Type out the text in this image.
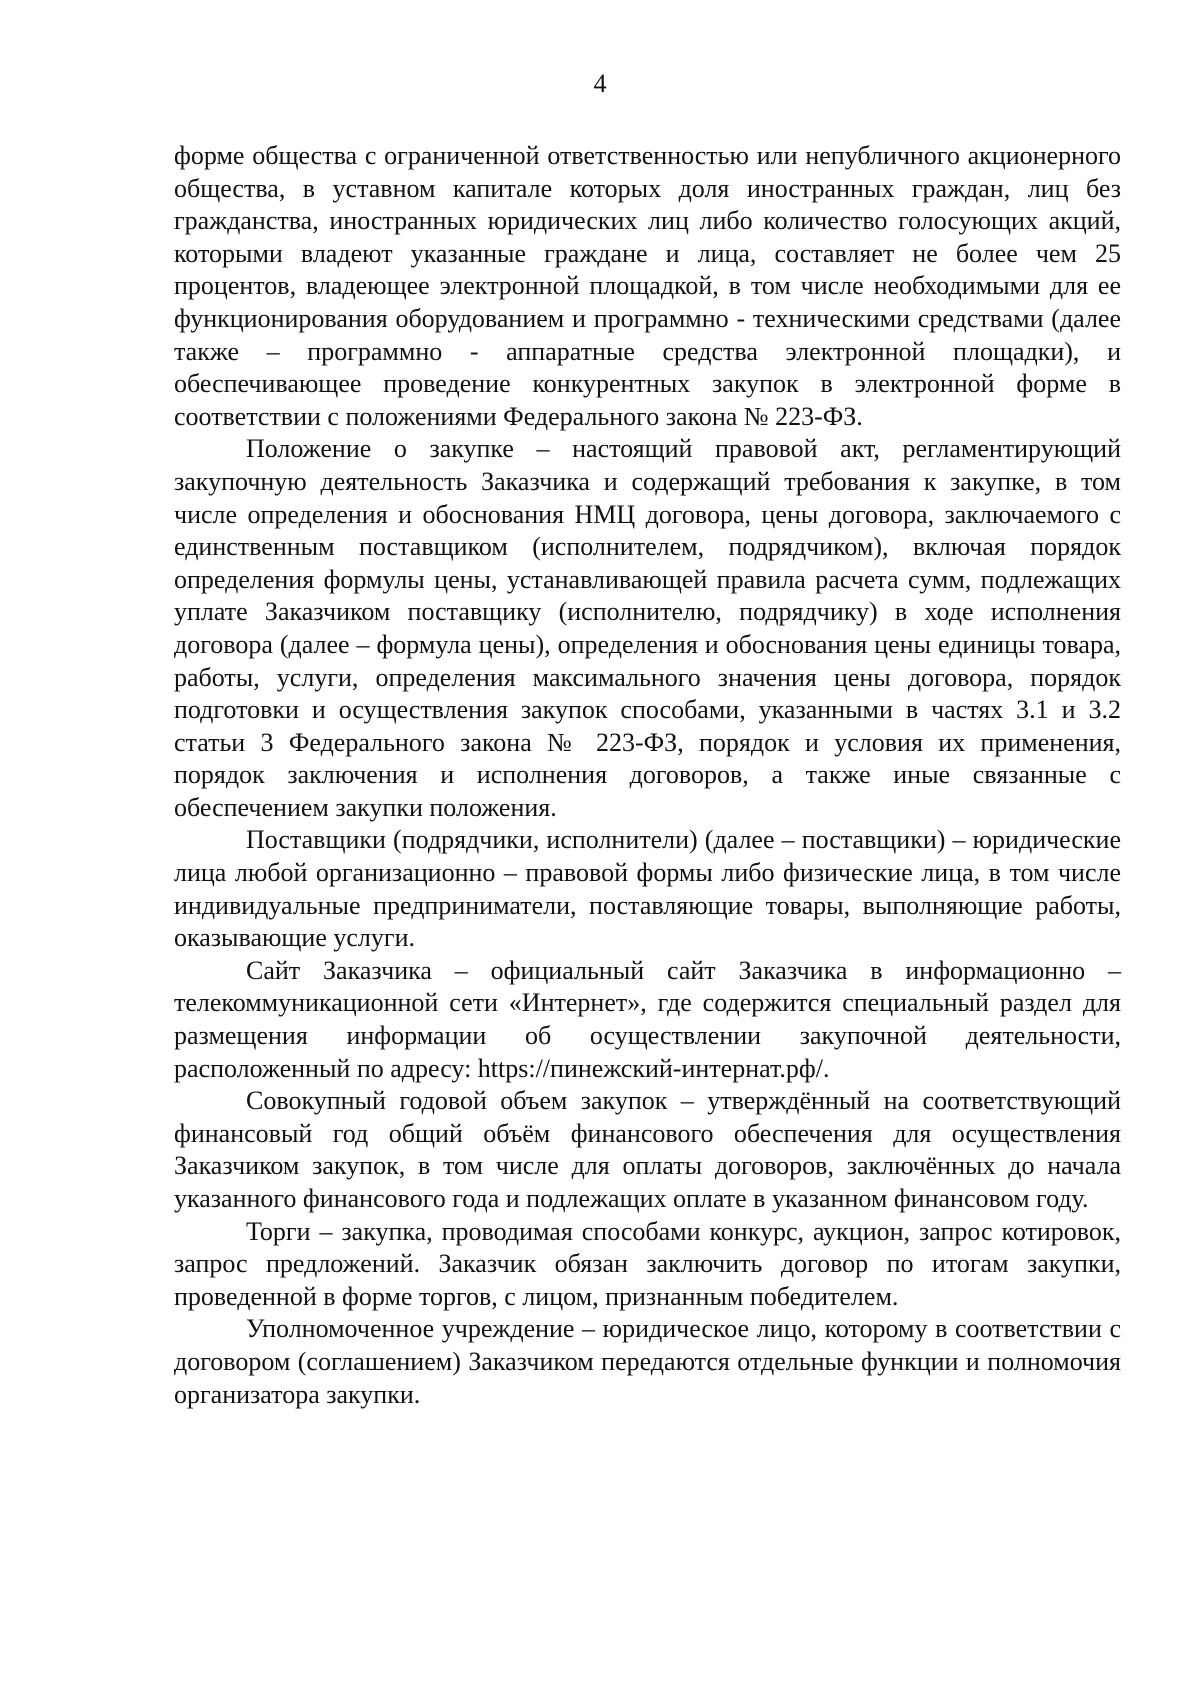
4

форме общества с ограниченной ответственностью или непубличного акционерного общества, в уставном капитале которых доля иностранных граждан, лиц без гражданства, иностранных юридических лиц либо количество голосующих акций, которыми владеют указанные граждане и лица, составляет не более чем 25 процентов, владеющее электронной площадкой, в том числе необходимыми для ее функционирования оборудованием и программно - техническими средствами (далее также – программно - аппаратные средства электронной площадки), и обеспечивающее проведение конкурентных закупок в электронной форме в соответствии с положениями Федерального закона № 223-ФЗ.

Положение о закупке – настоящий правовой акт, регламентирующий закупочную деятельность Заказчика и содержащий требования к закупке, в том числе определения и обоснования НМЦ договора, цены договора, заключаемого с единственным поставщиком (исполнителем, подрядчиком), включая порядок определения формулы цены, устанавливающей правила расчета сумм, подлежащих уплате Заказчиком поставщику (исполнителю, подрядчику) в ходе исполнения договора (далее – формула цены), определения и обоснования цены единицы товара, работы, услуги, определения максимального значения цены договора, порядок подготовки и осуществления закупок способами, указанными в частях 3.1 и 3.2 статьи 3 Федерального закона № 223-ФЗ, порядок и условия их применения, порядок заключения и исполнения договоров, а также иные связанные с обеспечением закупки положения.

Поставщики (подрядчики, исполнители) (далее – поставщики) – юридические лица любой организационно – правовой формы либо физические лица, в том числе индивидуальные предприниматели, поставляющие товары, выполняющие работы, оказывающие услуги.

Сайт Заказчика – официальный сайт Заказчика в информационно – телекоммуникационной сети «Интернет», где содержится специальный раздел для размещения информации об осуществлении закупочной деятельности, расположенный по адресу: https://пинежский-интернат.рф/.

Совокупный годовой объем закупок – утверждённый на соответствующий финансовый год общий объём финансового обеспечения для осуществления Заказчиком закупок, в том числе для оплаты договоров, заключённых до начала указанного финансового года и подлежащих оплате в указанном финансовом году.

Торги – закупка, проводимая способами конкурс, аукцион, запрос котировок, запрос предложений. Заказчик обязан заключить договор по итогам закупки, проведенной в форме торгов, с лицом, признанным победителем.

Уполномоченное учреждение – юридическое лицо, которому в соответствии с договором (соглашением) Заказчиком передаются отдельные функции и полномочия организатора закупки.
